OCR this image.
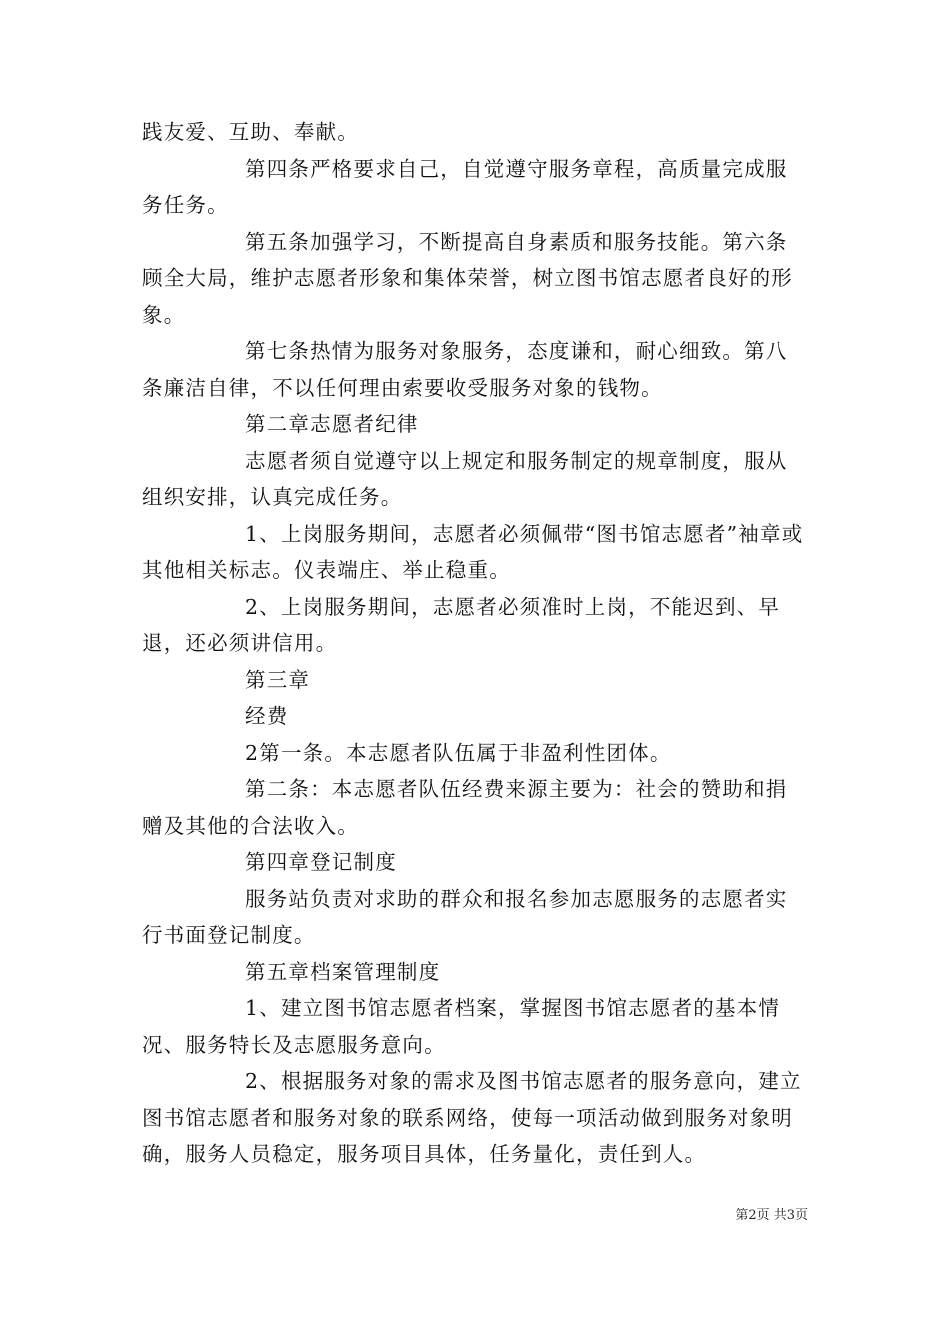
践友爱、互助、奉献。

第四条严格要求自己，自觉遵守服务章程，高质量完成服务任务。

第五条加强学习，不断提高自身素质和服务技能。第六条顾全大局，维护志愿者形象和集体荣誉，树立图书馆志愿者良好的形象。

第七条热情为服务对象服务，态度谦和，耐心细致。第八条廉洁自律，不以任何理由索要收受服务对象的钱物。

第二章志愿者纪律

志愿者须自觉遵守以上规定和服务制定的规章制度，服从组织安排，认真完成任务。

1、上岗服务期间，志愿者必须佩带“图书馆志愿者”袖章或其他相关标志。仪表端庄、举止稳重。

2、上岗服务期间，志愿者必须准时上岗，不能迟到、早退，还必须讲信用。

第三章

经费

2第一条。本志愿者队伍属于非盈利性团体。

第二条：本志愿者队伍经费来源主要为：社会的赞助和捐赠及其他的合法收入。

第四章登记制度

服务站负责对求助的群众和报名参加志愿服务的志愿者实行书面登记制度。

第五章档案管理制度

1、建立图书馆志愿者档案，掌握图书馆志愿者的基本情况、服务特长及志愿服务意向。

2、根据服务对象的需求及图书馆志愿者的服务意向，建立图书馆志愿者和服务对象的联系网络，使每一项活动做到服务对象明确，服务人员稳定，服务项目具体，任务量化，责任到人。

第2页 共3页
